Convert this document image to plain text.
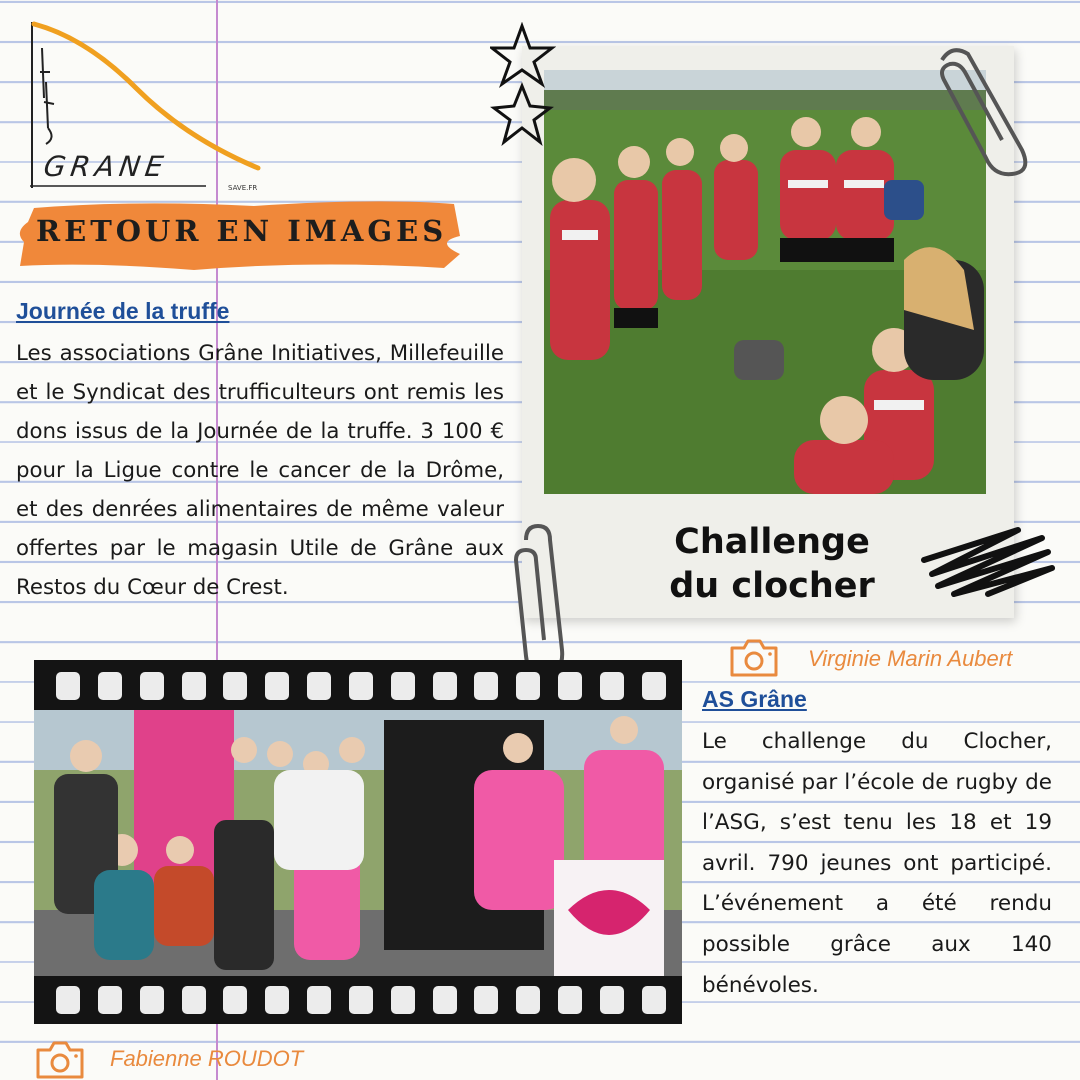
GRANE
SAVE.FR
RETOUR EN IMAGES
Journée de la truffe
Les associations Grâne Initiatives, Millefeuille et le Syndicat des trufficulteurs ont remis les dons issus de la Journée de la truffe. 3 100 € pour la Ligue contre le cancer de la Drôme, et des denrées alimentaires de même valeur offertes par le magasin Utile de Grâne aux Restos du Cœur de Crest.
Challenge du clocher
Virginie Marin Aubert
AS Grâne
Le challenge du Clocher, organisé par l’école de rugby de l’ASG, s’est tenu les 18 et 19 avril. 790 jeunes ont participé. L’événement a été rendu possible grâce aux 140 bénévoles.
Fabienne ROUDOT
